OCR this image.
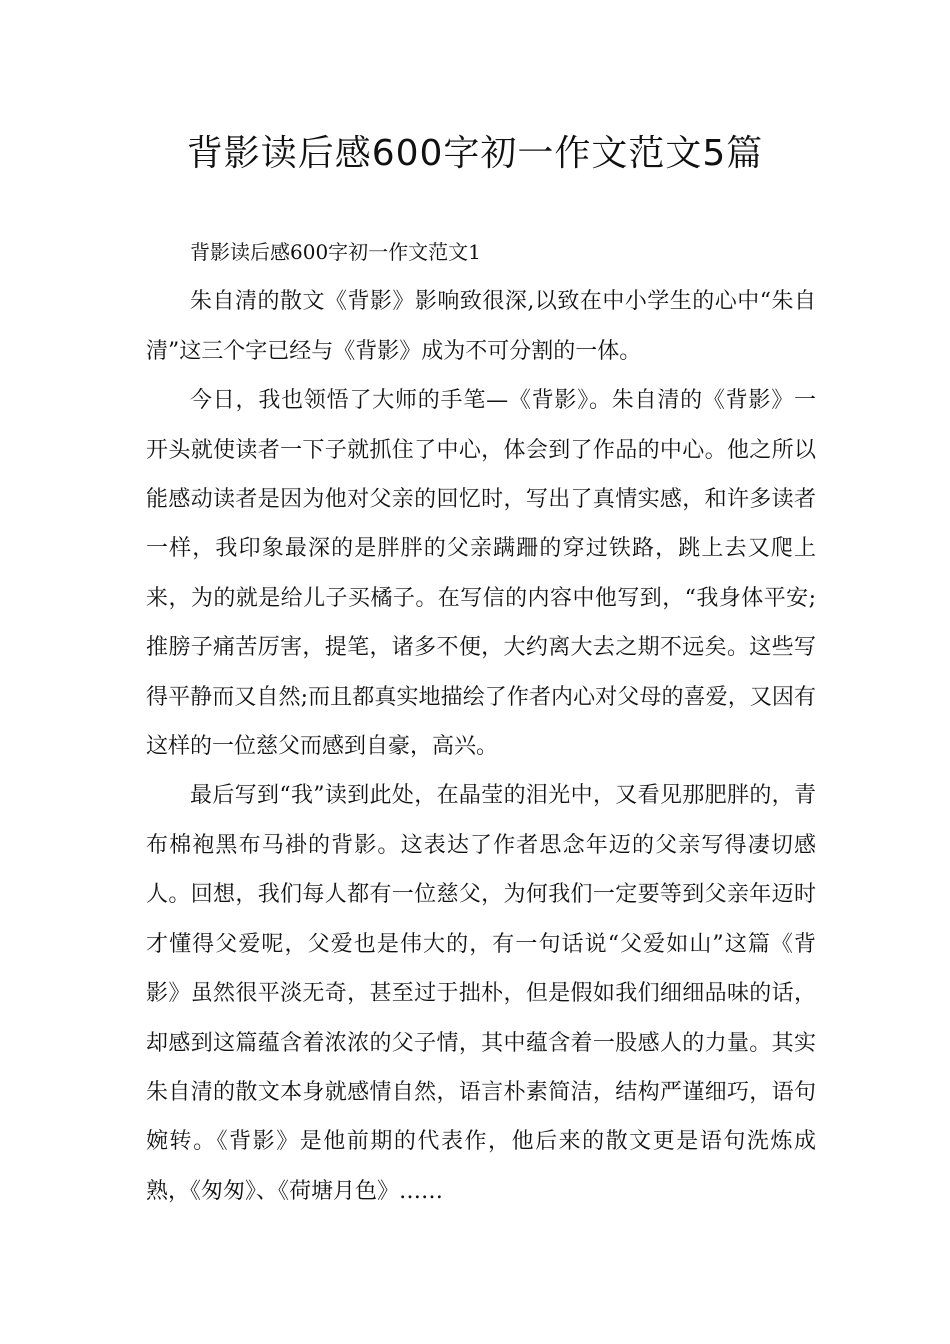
背影读后感600字初一作文范文5篇

背影读后感600字初一作文范文1

朱自清的散文《背影》影响致很深,以致在中小学生的心中“朱自清”这三个字已经与《背影》成为不可分割的一体。

今日，我也领悟了大师的手笔—《背影》。朱自清的《背影》一开头就使读者一下子就抓住了中心，体会到了作品的中心。他之所以能感动读者是因为他对父亲的回忆时，写出了真情实感，和许多读者一样，我印象最深的是胖胖的父亲蹒跚的穿过铁路，跳上去又爬上来，为的就是给儿子买橘子。在写信的内容中他写到，“我身体平安;推膀子痛苦厉害，提笔，诸多不便，大约离大去之期不远矣。这些写得平静而又自然;而且都真实地描绘了作者内心对父母的喜爱，又因有这样的一位慈父而感到自豪，高兴。

最后写到“我”读到此处，在晶莹的泪光中，又看见那肥胖的，青布棉袍黑布马褂的背影。这表达了作者思念年迈的父亲写得凄切感人。回想，我们每人都有一位慈父，为何我们一定要等到父亲年迈时才懂得父爱呢，父爱也是伟大的，有一句话说“父爱如山”这篇《背影》虽然很平淡无奇，甚至过于拙朴，但是假如我们细细品味的话，却感到这篇蕴含着浓浓的父子情，其中蕴含着一股感人的力量。其实朱自清的散文本身就感情自然，语言朴素简洁，结构严谨细巧，语句婉转。《背影》是他前期的代表作，他后来的散文更是语句洗炼成熟，《匆匆》、《荷塘月色》……
